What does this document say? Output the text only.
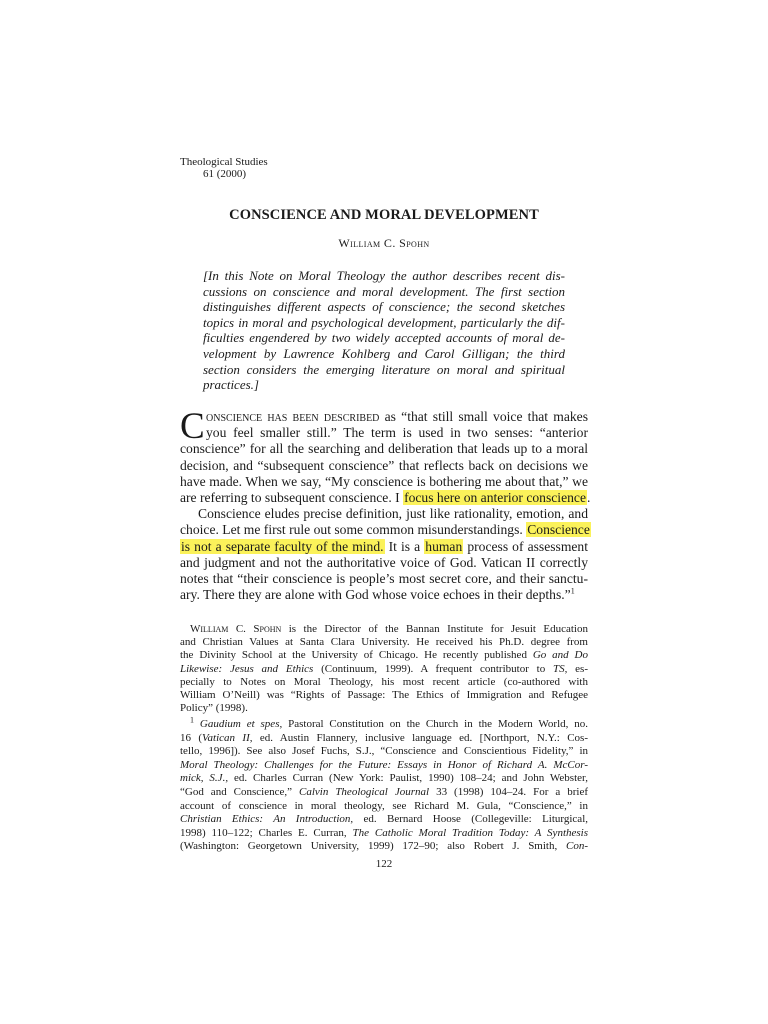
Theological Studies
61 (2000)
CONSCIENCE AND MORAL DEVELOPMENT
William C. Spohn
[In this Note on Moral Theology the author describes recent dis-
cussions on conscience and moral development. The first section
distinguishes different aspects of conscience; the second sketches
topics in moral and psychological development, particularly the dif-
ficulties engendered by two widely accepted accounts of moral de-
velopment by Lawrence Kohlberg and Carol Gilligan; the third
section considers the emerging literature on moral and spiritual
practices.]
C onscience has been described as “that still small voice that makes
you feel smaller still.” The term is used in two senses: “anterior
conscience” for all the searching and deliberation that leads up to a moral
decision, and “subsequent conscience” that reflects back on decisions we
have made. When we say, “My conscience is bothering me about that,” we
are referring to subsequent conscience. I focus here on anterior conscience.
Conscience eludes precise definition, just like rationality, emotion, and
choice. Let me first rule out some common misunderstandings. Conscience
is not a separate faculty of the mind. It is a human process of assessment
and judgment and not the authoritative voice of God. Vatican II correctly
notes that “their conscience is people’s most secret core, and their sanctu-
ary. There they are alone with God whose voice echoes in their depths.”$^1$
William C. Spohn is the Director of the Bannan Institute for Jesuit Education
and Christian Values at Santa Clara University. He received his Ph.D. degree from
the Divinity School at the University of Chicago. He recently published Go and Do
Likewise: Jesus and Ethics (Continuum, 1999). A frequent contributor to TS, es-
pecially to Notes on Moral Theology, his most recent article (co-authored with
William O’Neill) was “Rights of Passage: The Ethics of Immigration and Refugee
Policy” (1998).
$^1$ Gaudium et spes, Pastoral Constitution on the Church in the Modern World, no.
16 (Vatican II, ed. Austin Flannery, inclusive language ed. [Northport, N.Y.: Cos-
tello, 1996]). See also Josef Fuchs, S.J., “Conscience and Conscientious Fidelity,” in
Moral Theology: Challenges for the Future: Essays in Honor of Richard A. McCor-
mick, S.J., ed. Charles Curran (New York: Paulist, 1990) 108–24; and John Webster,
“God and Conscience,” Calvin Theological Journal 33 (1998) 104–24. For a brief
account of conscience in moral theology, see Richard M. Gula, “Conscience,” in
Christian Ethics: An Introduction, ed. Bernard Hoose (Collegeville: Liturgical,
1998) 110–122; Charles E. Curran, The Catholic Moral Tradition Today: A Synthesis
(Washington: Georgetown University, 1999) 172–90; also Robert J. Smith, Con-
122
